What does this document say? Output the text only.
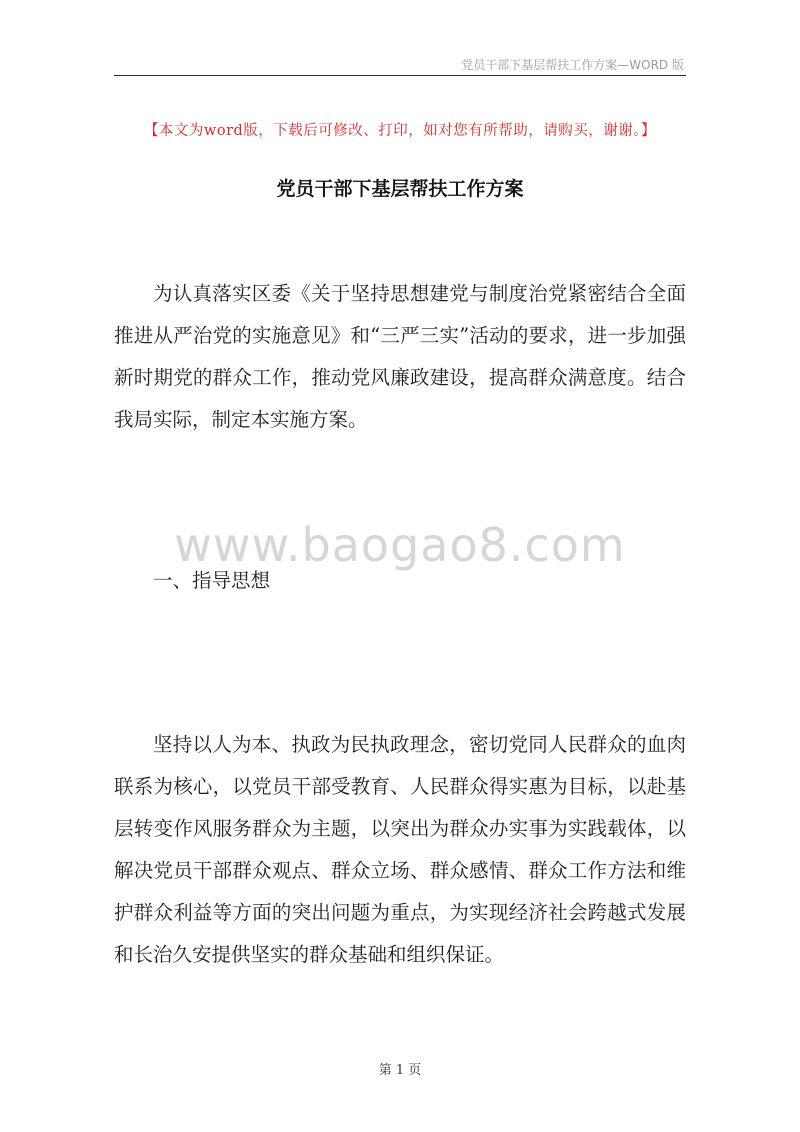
党员干部下基层帮扶工作方案—WORD 版
【本文为word版，下载后可修改、打印，如对您有所帮助，请购买，谢谢。】
党员干部下基层帮扶工作方案

为认真落实区委《关于坚持思想建党与制度治党紧密结合全面推进从严治党的实施意见》和“三严三实”活动的要求，进一步加强新时期党的群众工作，推动党风廉政建设，提高群众满意度。结合我局实际，制定本实施方案。

www.baogao8.com
一、指导思想

坚持以人为本、执政为民执政理念，密切党同人民群众的血肉联系为核心，以党员干部受教育、人民群众得实惠为目标，以赴基层转变作风服务群众为主题，以突出为群众办实事为实践载体，以解决党员干部群众观点、群众立场、群众感情、群众工作方法和维护群众利益等方面的突出问题为重点，为实现经济社会跨越式发展和长治久安提供坚实的群众基础和组织保证。

第 1 页
